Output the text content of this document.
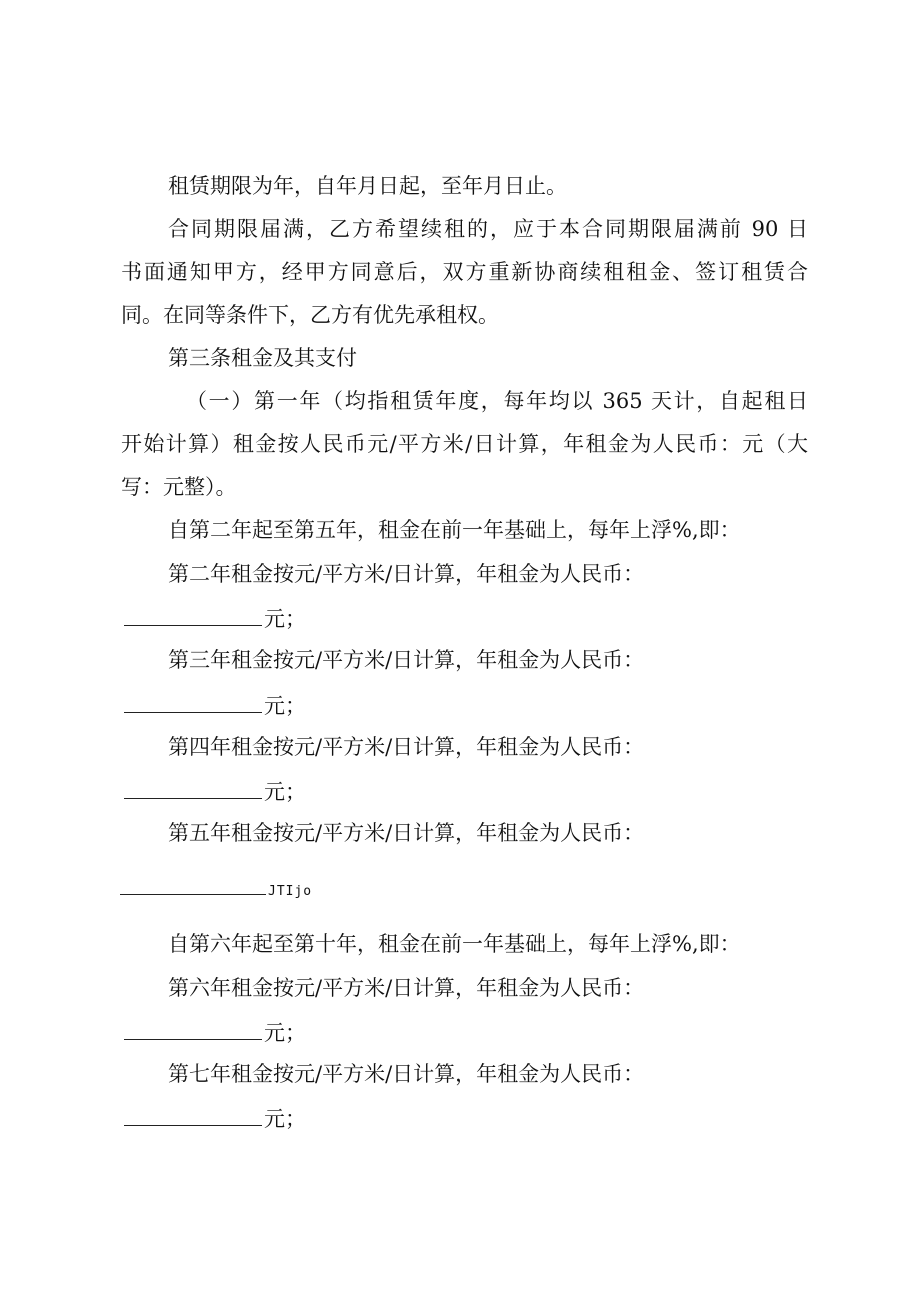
租赁期限为年，自年月日起，至年月日止。
合同期限届满，乙方希望续租的，应于本合同期限届满前 90 日
书面通知甲方，经甲方同意后，双方重新协商续租租金、签订租赁合
同。在同等条件下，乙方有优先承租权。
第三条租金及其支付
（一）第一年（均指租赁年度，每年均以 365 天计，自起租日
开始计算）租金按人民币元/平方米/日计算，年租金为人民币：元（大
写：元整）。
自第二年起至第五年，租金在前一年基础上，每年上浮%,即：
第二年租金按元/平方米/日计算，年租金为人民币：
元；
第三年租金按元/平方米/日计算，年租金为人民币：
元；
第四年租金按元/平方米/日计算，年租金为人民币：
元；
第五年租金按元/平方米/日计算，年租金为人民币：
JTIjo
自第六年起至第十年，租金在前一年基础上，每年上浮%,即：
第六年租金按元/平方米/日计算，年租金为人民币：
元；
第七年租金按元/平方米/日计算，年租金为人民币：
元；
